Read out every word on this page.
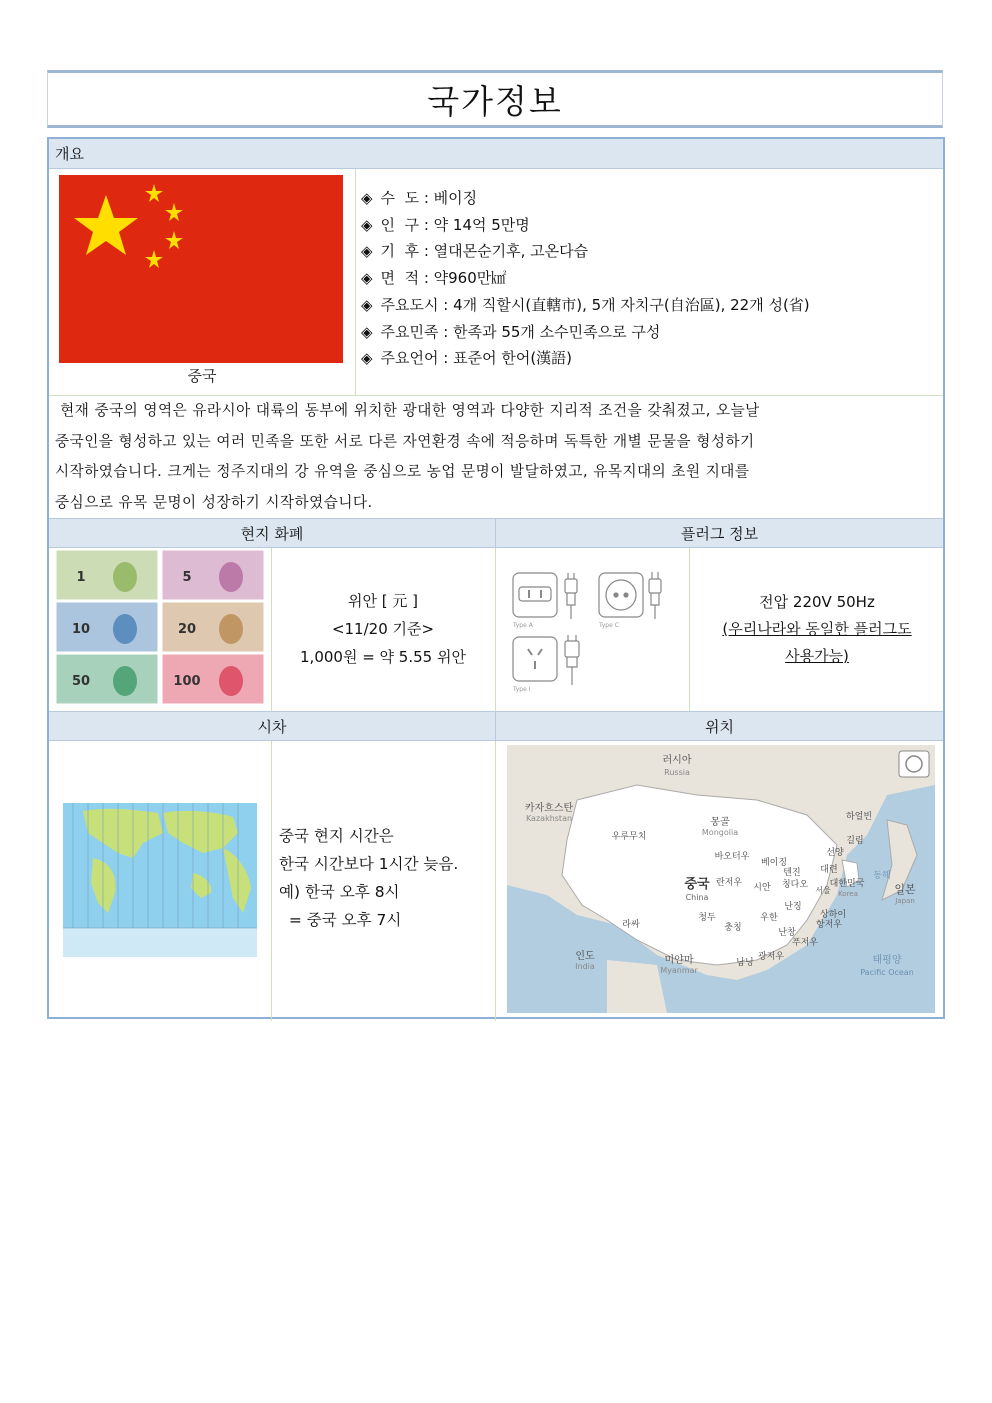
국가정보
개요
중국
◈ 수  도 : 베이징
◈ 인  구 : 약 14억 5만명
◈ 기  후 : 열대몬순기후, 고온다습
◈ 면  적 : 약960만㎢
◈ 주요도시 : 4개 직할시(直轄市), 5개 자치구(自治區), 22개 성(省)
◈ 주요민족 : 한족과 55개 소수민족으로 구성
◈ 주요언어 : 표준어 한어(漢語)
현재 중국의 영역은 유라시아 대륙의 동부에 위치한 광대한 영역과 다양한 지리적 조건을 갖춰졌고, 오늘날
중국인을 형성하고 있는 여러 민족을 또한 서로 다른 자연환경 속에 적응하며 독특한 개별 문물을 형성하기
시작하였습니다. 크게는 정주지대의 강 유역을 중심으로 농업 문명이 발달하였고, 유목지대의 초원 지대를
중심으로 유목 문명이 성장하기 시작하였습니다.
현지 화폐	플러그 정보
1	5
10	20
50	100
위안 [ 元 ]
<11/20 기준>
1,000원 = 약 5.55 위안
Type A	Type C
Type I
전압 220V 50Hz
(우리나라와 동일한 플러그도
사용가능)
시차	위치
중국 현지 시간은
한국 시간보다 1시간 늦음.
예) 한국 오후 8시
= 중국 오후 7시
러시아
Russia
카자흐스탄
Kazakhstan	몽골
Mongolia
우루무치
하얼빈
길림
선양
바오터우
베이징
텐진 대련
중국
China
란저우 시안 칭다오
서울
대한민국
Korea
동해
일본
Japan
청두
충칭
우한
난징
상하이
항저우
라싸
난창
푸저우
인도
India
미얀마
Myanmar
남닝
광저우	태평양
Pacific Ocean
